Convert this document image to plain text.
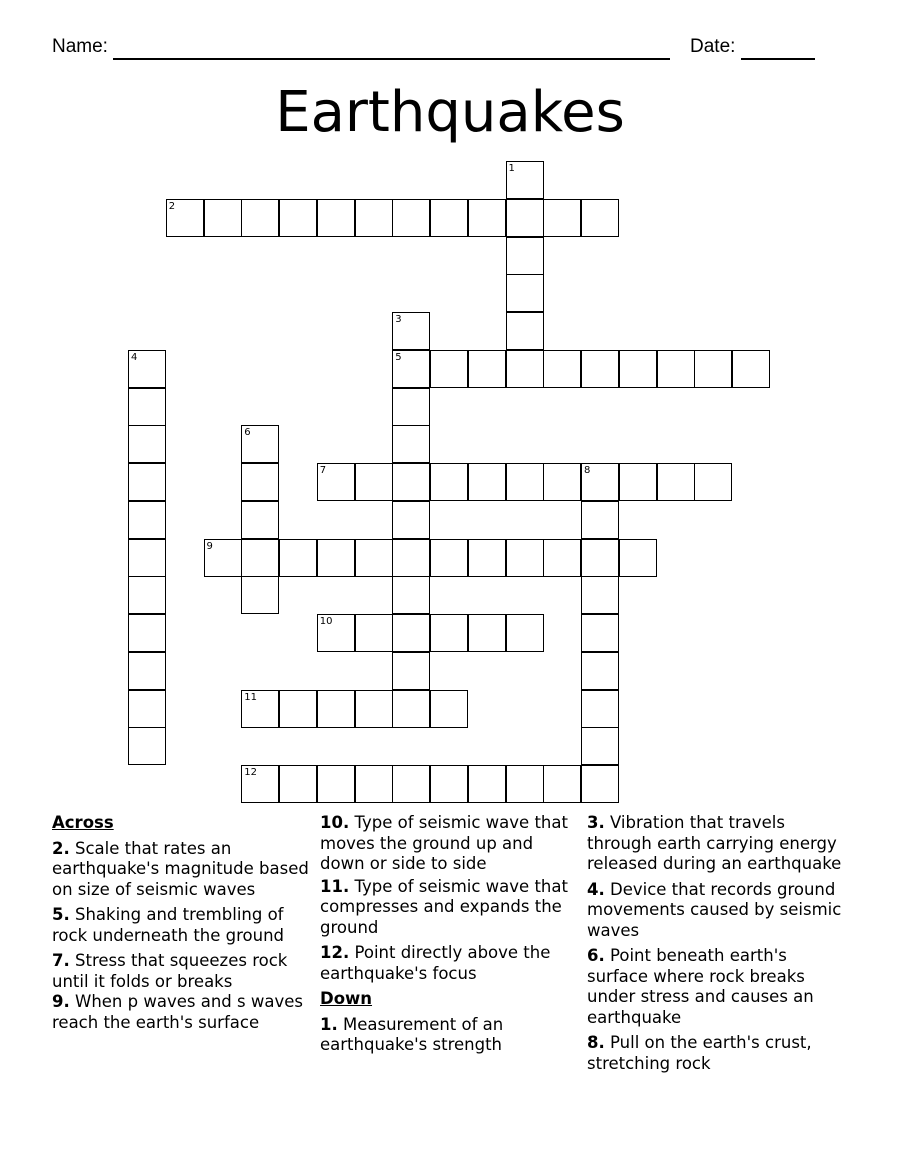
Name:	Date:
Earthquakes
1
2
3
4	5
6
7	8
9
10
11
12
Across
2. Scale that rates an earthquake's magnitude based on size of seismic waves
5. Shaking and trembling of rock underneath the ground
7. Stress that squeezes rock until it folds or breaks
9. When p waves and s waves reach the earth's surface
10. Type of seismic wave that moves the ground up and down or side to side
11. Type of seismic wave that compresses and expands the ground
12. Point directly above the earthquake's focus
Down
1. Measurement of an earthquake's strength
3. Vibration that travels through earth carrying energy released during an earthquake
4. Device that records ground movements caused by seismic waves
6. Point beneath earth's surface where rock breaks under stress and causes an earthquake
8. Pull on the earth's crust, stretching rock
